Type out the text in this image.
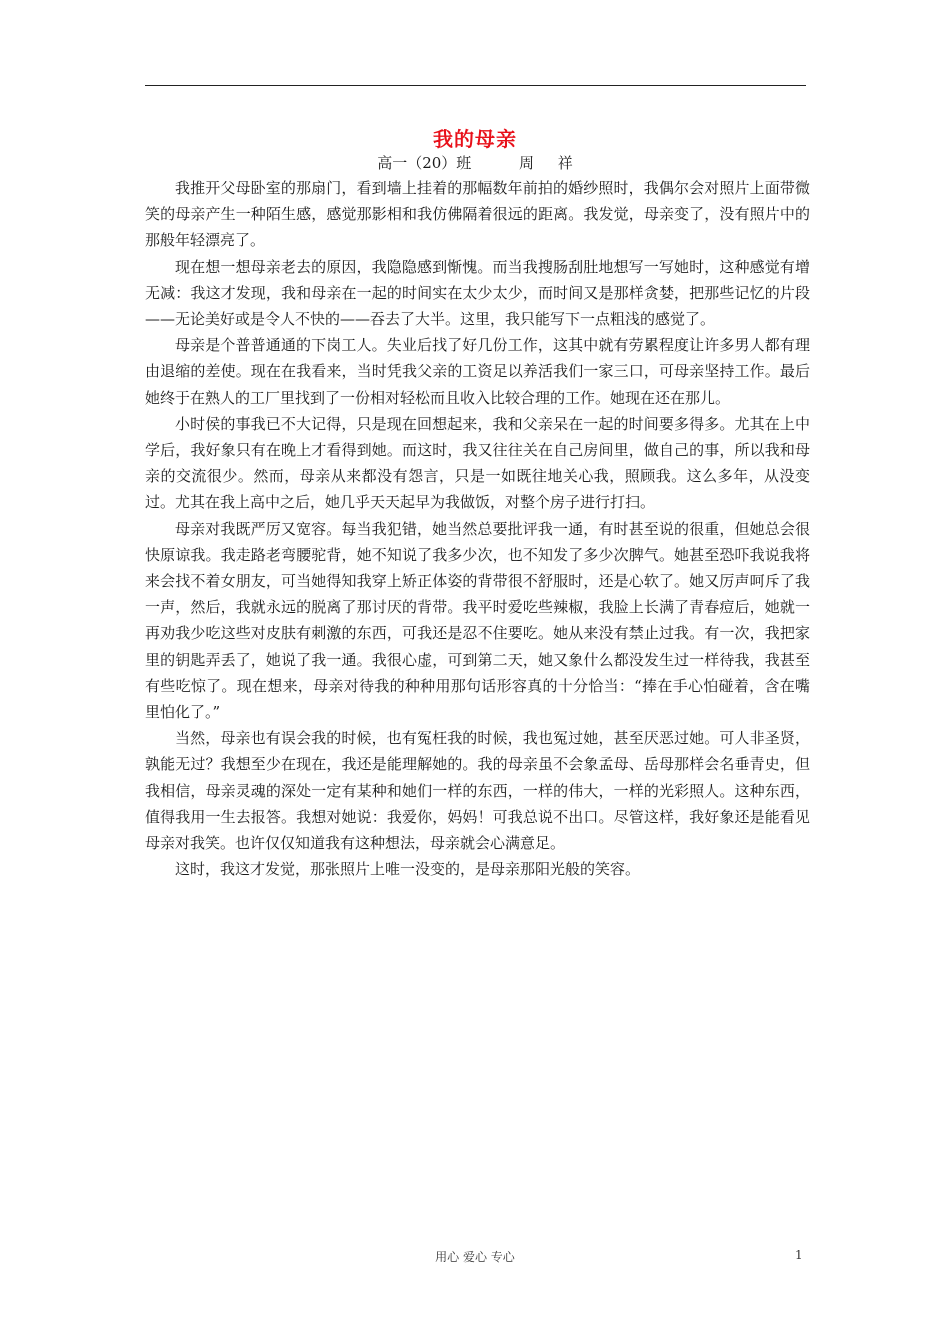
我的母亲
高一（20）班          周     祥

我推开父母卧室的那扇门，看到墙上挂着的那幅数年前拍的婚纱照时，我偶尔会对照片上面带微笑的母亲产生一种陌生感，感觉那影相和我仿佛隔着很远的距离。我发觉，母亲变了，没有照片中的那般年轻漂亮了。

现在想一想母亲老去的原因，我隐隐感到惭愧。而当我搜肠刮肚地想写一写她时，这种感觉有增无减：我这才发现，我和母亲在一起的时间实在太少太少，而时间又是那样贪婪，把那些记忆的片段——无论美好或是令人不快的——吞去了大半。这里，我只能写下一点粗浅的感觉了。

母亲是个普普通通的下岗工人。失业后找了好几份工作，这其中就有劳累程度让许多男人都有理由退缩的差使。现在在我看来，当时凭我父亲的工资足以养活我们一家三口，可母亲坚持工作。最后她终于在熟人的工厂里找到了一份相对轻松而且收入比较合理的工作。她现在还在那儿。

小时侯的事我已不大记得，只是现在回想起来，我和父亲呆在一起的时间要多得多。尤其在上中学后，我好象只有在晚上才看得到她。而这时，我又往往关在自己房间里，做自己的事，所以我和母亲的交流很少。然而，母亲从来都没有怨言，只是一如既往地关心我，照顾我。这么多年，从没变过。尤其在我上高中之后，她几乎天天起早为我做饭，对整个房子进行打扫。

母亲对我既严厉又宽容。每当我犯错，她当然总要批评我一通，有时甚至说的很重，但她总会很快原谅我。我走路老弯腰驼背，她不知说了我多少次，也不知发了多少次脾气。她甚至恐吓我说我将来会找不着女朋友，可当她得知我穿上矫正体姿的背带很不舒服时，还是心软了。她又厉声呵斥了我一声，然后，我就永远的脱离了那讨厌的背带。我平时爱吃些辣椒，我脸上长满了青春痘后，她就一再劝我少吃这些对皮肤有刺激的东西，可我还是忍不住要吃。她从来没有禁止过我。有一次，我把家里的钥匙弄丢了，她说了我一通。我很心虚，可到第二天，她又象什么都没发生过一样待我，我甚至有些吃惊了。现在想来，母亲对待我的种种用那句话形容真的十分恰当：“捧在手心怕碰着，含在嘴里怕化了。”

当然，母亲也有误会我的时候，也有冤枉我的时候，我也冤过她，甚至厌恶过她。可人非圣贤，孰能无过？我想至少在现在，我还是能理解她的。我的母亲虽不会象孟母、岳母那样会名垂青史，但我相信，母亲灵魂的深处一定有某种和她们一样的东西，一样的伟大，一样的光彩照人。这种东西，值得我用一生去报答。我想对她说：我爱你，妈妈！可我总说不出口。尽管这样，我好象还是能看见母亲对我笑。也许仅仅知道我有这种想法，母亲就会心满意足。

这时，我这才发觉，那张照片上唯一没变的，是母亲那阳光般的笑容。

用心 爱心 专心	1
